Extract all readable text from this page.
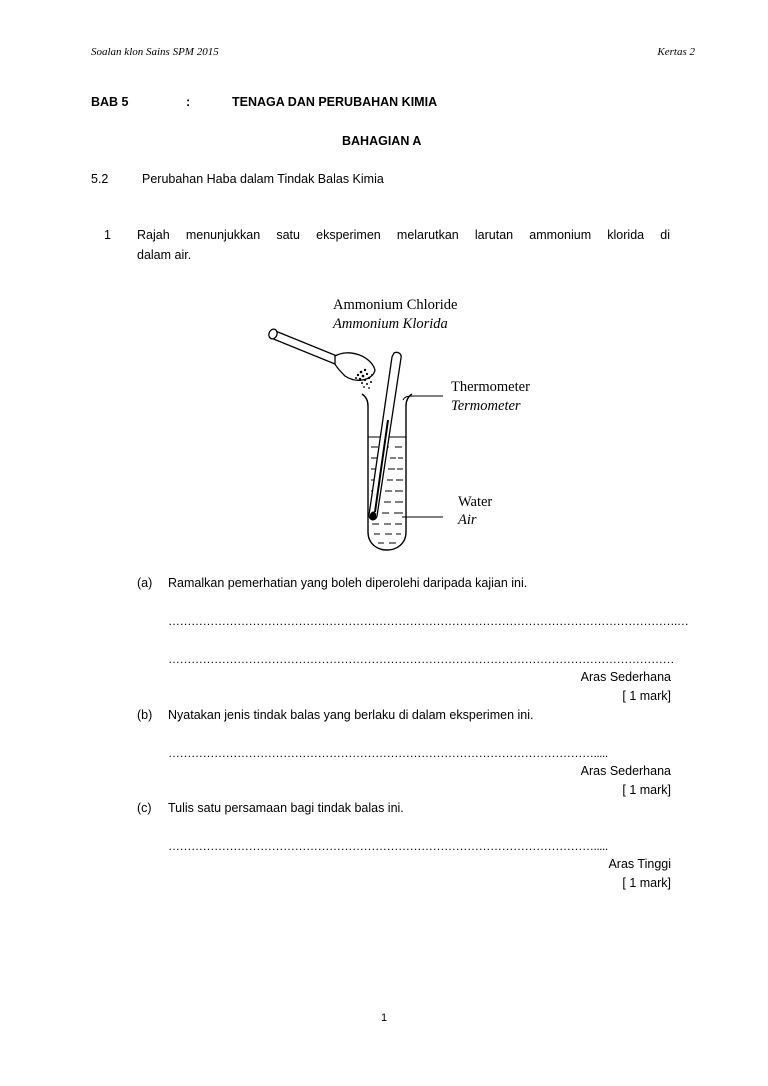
Soalan klon Sains SPM 2015	Kertas 2
BAB 5	:	TENAGA DAN PERUBAHAN KIMIA
BAHAGIAN A
5.2	Perubahan Haba dalam Tindak Balas Kimia
1 Rajah menunjukkan satu eksperimen melarutkan larutan ammonium klorida di
dalam air.
Ammonium Chloride
Ammonium Klorida
Thermometer
Termometer
Water
Air
(a) Ramalkan pemerhatian yang boleh diperolehi daripada kajian ini.
…………………………………………………………………………………………………………………….…
……………………………………………………………………………………………………………………
Aras Sederhana
[ 1 mark]
(b) Nyatakan jenis tindak balas yang berlaku di dalam eksperimen ini.
………………………………………………………………………………………………….....
Aras Sederhana
[ 1 mark]
(c) Tulis satu persamaan bagi tindak balas ini.
………………………………………………………………………………………………….....
Aras Tinggi
[ 1 mark]
1
